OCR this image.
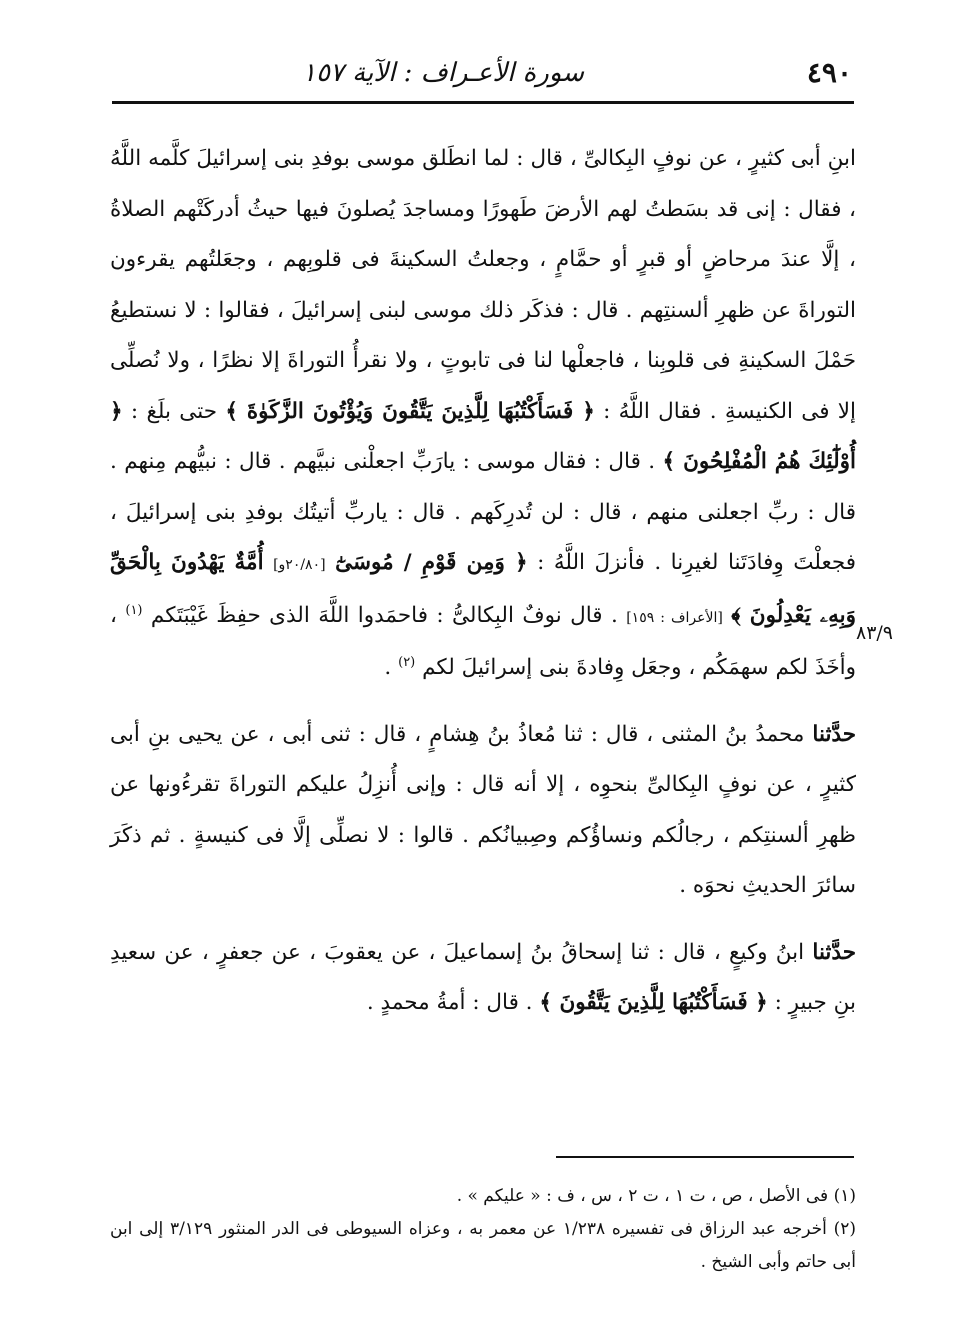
٤٩٠
سورة الأعـراف : الآية ١٥٧
٨٣/٩

ابنِ أبى كثيرٍ ، عن نوفٍ البِكالىِّ ، قال : لما انطَلق موسى بوفدِ بنى إسرائيلَ كلَّمه اللَّهُ ، فقال : إنى قد بسَطتُ لهم الأرضَ طَهورًا ومساجدَ يُصلونَ فيها حيثُ أدركَتْهم الصلاةُ ، إلَّا عندَ مرحاضٍ أو قبرٍ أو حمَّامٍ ، وجعلتُ السكينةَ فى قلوبِهم ، وجعَلتُهم يقرءون التوراةَ عن ظهرِ ألسنتِهم . قال : فذكَر ذلك موسى لبنى إسرائيلَ ، فقالوا : لا نستطيعُ حَمْلَ السكينةِ فى قلوبِنا ، فاجعلْها لنا فى تابوتٍ ، ولا نقرأُ التوراةَ إلا نظرًا ، ولا نُصلِّى إلا فى الكنيسةِ . فقال اللَّهُ : ﴿ فَسَأَكْتُبُهَا لِلَّذِينَ يَتَّقُونَ وَيُؤْتُونَ الزَّكَوٰةَ ﴾ حتى بلَغ : ﴿ أُوْلَٰٓئِكَ هُمُ الْمُفْلِحُونَ ﴾ . قال : فقال موسى : يارَبِّ اجعلْنى نبيَّهم . قال : نبيُّهم مِنهم . قال : ربِّ اجعلنى منهم ، قال : لن تُدرِكَهم . قال : ياربِّ أتيتُك بوفدِ بنى إسرائيلَ ، فجعلْتَ وِفادَتَنا لغيرِنا . فأنزلَ اللَّهُ : ﴿ وَمِن قَوْمِ / مُوسَىٰٓ [٢٠/٨٠و] أُمَّةٌ يَهْدُونَ بِالْحَقِّ وَبِهِۦ يَعْدِلُونَ ﴾ [الأعراف : ١٥٩] . قال نوفٌ البِكالىُّ : فاحمَدوا اللَّهَ الذى حفِظَ غَيْبَتَكم $^{(١)}$ ، وأخَذَ لكم سهمَكُم ، وجعَل وِفادةَ بنى إسرائيلَ لكم $^{(٢)}$ .

حدَّثنا محمدُ بنُ المثنى ، قال : ثنا مُعاذُ بنُ هِشامٍ ، قال : ثنى أبى ، عن يحيى بنِ أبى كثيرٍ ، عن نوفٍ البِكالىِّ بنحوِه ، إلا أنه قال : وإنى أُنزِلُ عليكم التوراةَ تقرءُونها عن ظهرِ ألسنتِكم ، رجالُكم ونساؤُكم وصِبيانُكم . قالوا : لا نصلِّى إلَّا فى كنيسةٍ . ثم ذكَرَ سائرَ الحديثِ نحوَه .

حدَّثنا ابنُ وكيعٍ ، قال : ثنا إسحاقُ بنُ إسماعيلَ ، عن يعقوبَ ، عن جعفرٍ ، عن سعيدِ بنِ جبيرٍ : ﴿ فَسَأَكْتُبُهَا لِلَّذِينَ يَتَّقُونَ ﴾ . قال : أمةُ محمدٍ .

(١) فى الأصل ، ص ، ت ١ ، ت ٢ ، س ، ف : « عليكم » .

(٢) أخرجه عبد الرزاق فى تفسيره ١/٢٣٨ عن معمر به ، وعزاه السيوطى فى الدر المنثور ٣/١٢٩ إلى ابن أبى حاتم وأبى الشيخ .
